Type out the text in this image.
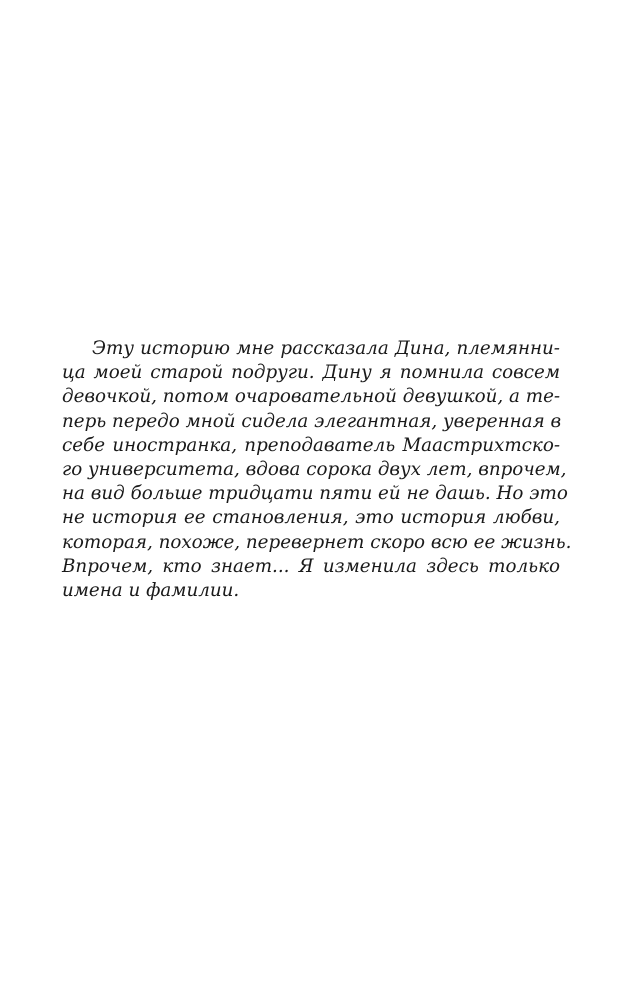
Эту историю мне рассказала Дина, племянни-
ца моей старой подруги. Дину я помнила совсем
девочкой, потом очаровательной девушкой, а те-
перь передо мной сидела элегантная, уверенная в
себе иностранка, преподаватель Маастрихтско-
го университета, вдова сорока двух лет, впрочем,
на вид больше тридцати пяти ей не дашь. Но это
не история ее становления, это история любви,
которая, похоже, перевернет скоро всю ее жизнь.
Впрочем, кто знает... Я изменила здесь только
имена и фамилии.
